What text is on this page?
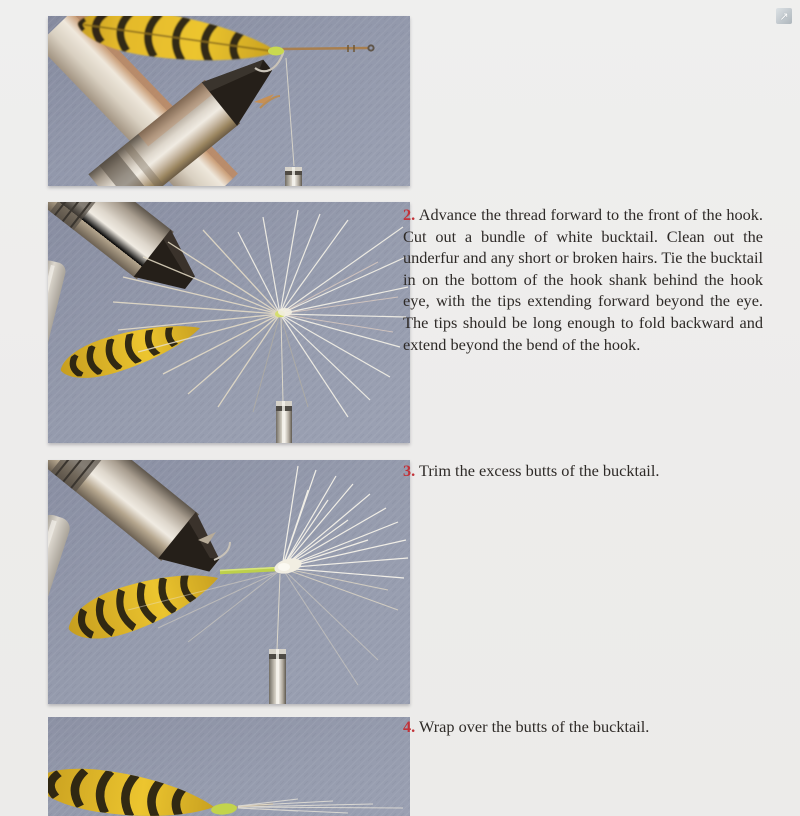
2. Advance the thread forward to the front of the hook. Cut out a bundle of white bucktail. Clean out the underfur and any short or broken hairs. Tie the bucktail in on the bottom of the hook shank behind the hook eye, with the tips extending forward beyond the eye. The tips should be long enough to fold backward and extend beyond the bend of the hook.

3. Trim the excess butts of the bucktail.

4. Wrap over the butts of the bucktail.

↗
